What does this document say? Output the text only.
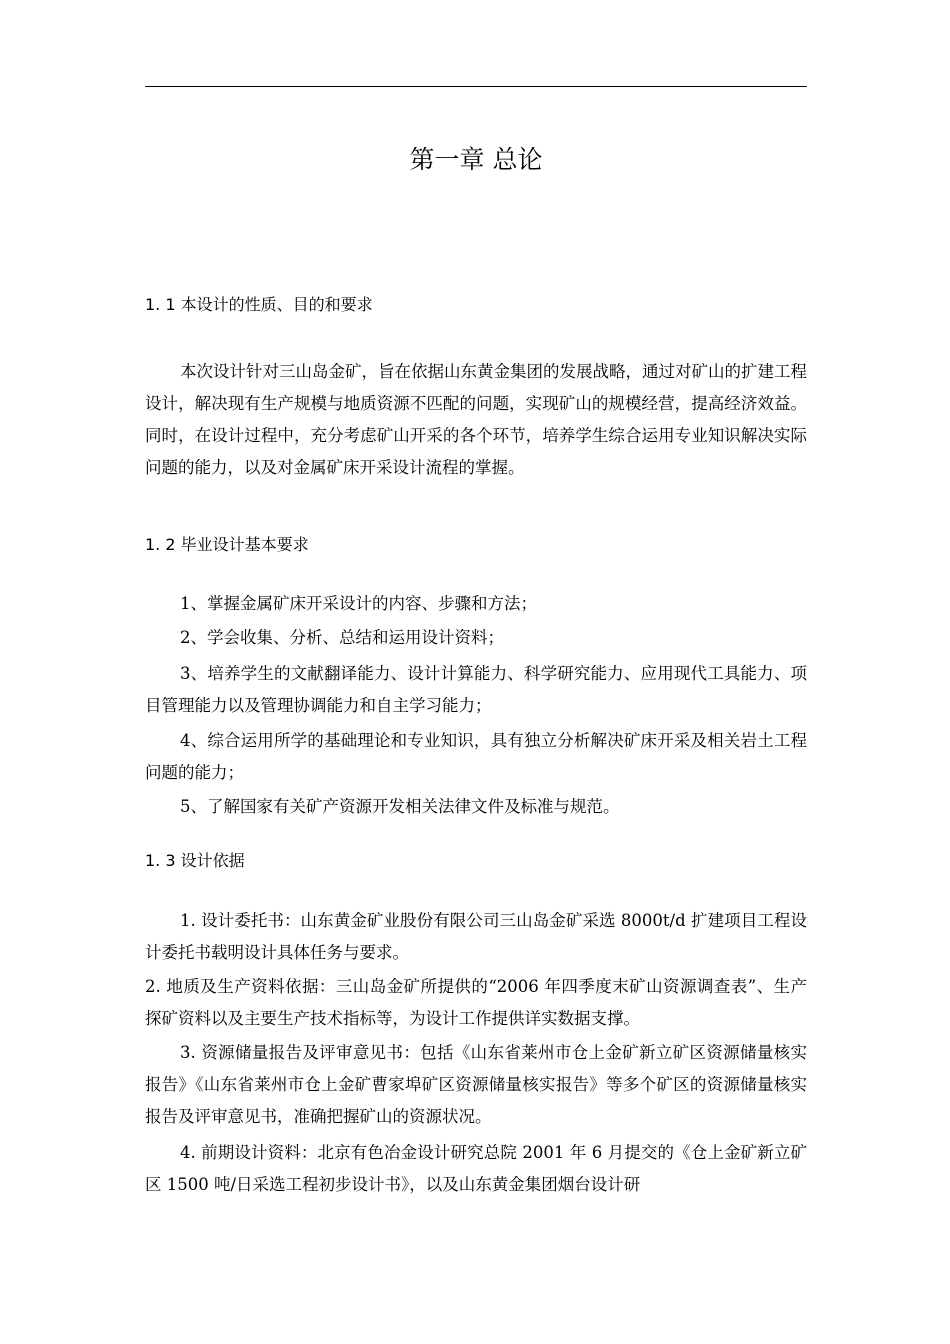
第一章 总论
1. 1 本设计的性质、目的和要求

本次设计针对三山岛金矿，旨在依据山东黄金集团的发展战略，通过对矿山的扩建工程设计，解决现有生产规模与地质资源不匹配的问题，实现矿山的规模经营，提高经济效益。同时，在设计过程中，充分考虑矿山开采的各个环节，培养学生综合运用专业知识解决实际问题的能力，以及对金属矿床开采设计流程的掌握。

1. 2 毕业设计基本要求

1、掌握金属矿床开采设计的内容、步骤和方法；

2、学会收集、分析、总结和运用设计资料；

3、培养学生的文献翻译能力、设计计算能力、科学研究能力、应用现代工具能力、项目管理能力以及管理协调能力和自主学习能力；

4、综合运用所学的基础理论和专业知识，具有独立分析解决矿床开采及相关岩土工程问题的能力；

5、了解国家有关矿产资源开发相关法律文件及标准与规范。

1. 3 设计依据

1. 设计委托书：山东黄金矿业股份有限公司三山岛金矿采选 8000t/d 扩建项目工程设计委托书载明设计具体任务与要求。

2. 地质及生产资料依据：三山岛金矿所提供的“2006 年四季度末矿山资源调查表”、生产探矿资料以及主要生产技术指标等，为设计工作提供详实数据支撑。

3. 资源储量报告及评审意见书：包括《山东省莱州市仓上金矿新立矿区资源储量核实报告》《山东省莱州市仓上金矿曹家埠矿区资源储量核实报告》等多个矿区的资源储量核实报告及评审意见书，准确把握矿山的资源状况。

4. 前期设计资料：北京有色冶金设计研究总院 2001 年 6 月提交的《仓上金矿新立矿区 1500 吨/日采选工程初步设计书》，以及山东黄金集团烟台设计研
